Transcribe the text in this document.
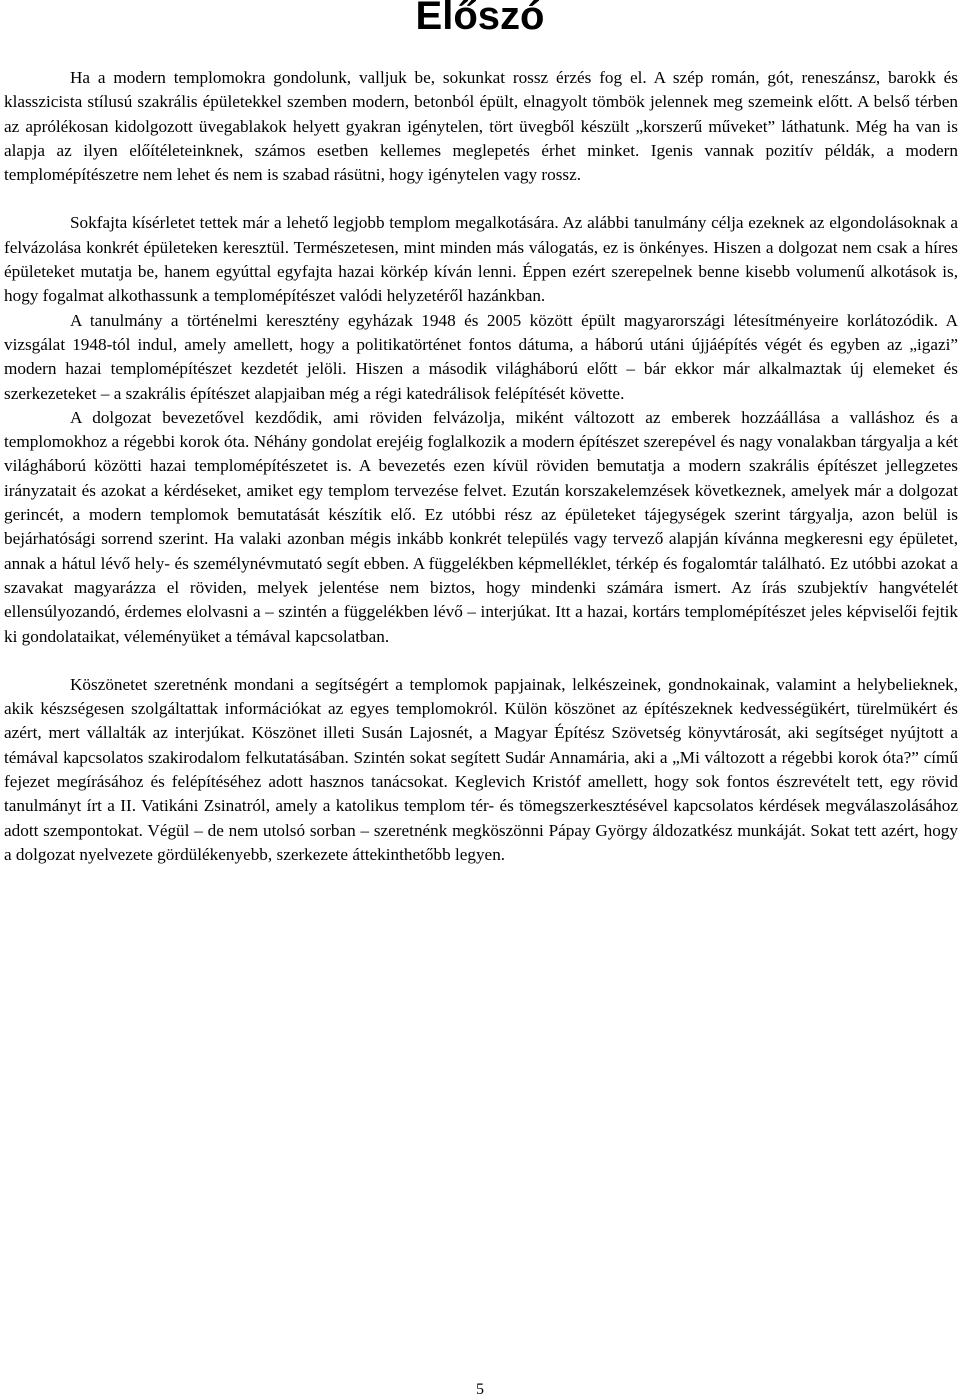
Előszó

Ha a modern templomokra gondolunk, valljuk be, sokunkat rossz érzés fog el. A szép román, gót, reneszánsz, barokk és klasszicista stílusú szakrális épületekkel szemben modern, betonból épült, elnagyolt tömbök jelennek meg szemeink előtt. A belső térben az aprólékosan kidolgozott üvegablakok helyett gyakran igénytelen, tört üvegből készült „korszerű műveket” láthatunk. Még ha van is alapja az ilyen előítéleteinknek, számos esetben kellemes meglepetés érhet minket. Igenis vannak pozitív példák, a modern templomépítészetre nem lehet és nem is szabad rásütni, hogy igénytelen vagy rossz.

Sokfajta kísérletet tettek már a lehető legjobb templom megalkotására. Az alábbi tanulmány célja ezeknek az elgondolásoknak a felvázolása konkrét épületeken keresztül. Természetesen, mint minden más válogatás, ez is önkényes. Hiszen a dolgozat nem csak a híres épületeket mutatja be, hanem egyúttal egyfajta hazai körkép kíván lenni. Éppen ezért szerepelnek benne kisebb volumenű alkotások is, hogy fogalmat alkothassunk a templomépítészet valódi helyzetéről hazánkban.

A tanulmány a történelmi keresztény egyházak 1948 és 2005 között épült magyarországi létesítményeire korlátozódik. A vizsgálat 1948-tól indul, amely amellett, hogy a politikatörténet fontos dátuma, a háború utáni újjáépítés végét és egyben az „igazi” modern hazai templomépítészet kezdetét jelöli. Hiszen a második világháború előtt – bár ekkor már alkalmaztak új elemeket és szerkezeteket – a szakrális építészet alapjaiban még a régi katedrálisok felépítését követte.

A dolgozat bevezetővel kezdődik, ami röviden felvázolja, miként változott az emberek hozzáállása a valláshoz és a templomokhoz a régebbi korok óta. Néhány gondolat erejéig foglalkozik a modern építészet szerepével és nagy vonalakban tárgyalja a két világháború közötti hazai templomépítészetet is. A bevezetés ezen kívül röviden bemutatja a modern szakrális építészet jellegzetes irányzatait és azokat a kérdéseket, amiket egy templom tervezése felvet. Ezután korszakelemzések következnek, amelyek már a dolgozat gerincét, a modern templomok bemutatását készítik elő. Ez utóbbi rész az épületeket tájegységek szerint tárgyalja, azon belül is bejárhatósági sorrend szerint. Ha valaki azonban mégis inkább konkrét település vagy tervező alapján kívánna megkeresni egy épületet, annak a hátul lévő hely- és személynévmutató segít ebben. A függelékben képmelléklet, térkép és fogalomtár található. Ez utóbbi azokat a szavakat magyarázza el röviden, melyek jelentése nem biztos, hogy mindenki számára ismert. Az írás szubjektív hangvételét ellensúlyozandó, érdemes elolvasni a – szintén a függelékben lévő – interjúkat. Itt a hazai, kortárs templomépítészet jeles képviselői fejtik ki gondolataikat, véleményüket a témával kapcsolatban.

Köszönetet szeretnénk mondani a segítségért a templomok papjainak, lelkészeinek, gondnokainak, valamint a helybelieknek, akik készségesen szolgáltattak információkat az egyes templomokról. Külön köszönet az építészeknek kedvességükért, türelmükért és azért, mert vállalták az interjúkat. Köszönet illeti Susán Lajosnét, a Magyar Építész Szövetség könyvtárosát, aki segítséget nyújtott a témával kapcsolatos szakirodalom felkutatásában. Szintén sokat segített Sudár Annamária, aki a „Mi változott a régebbi korok óta?” című fejezet megírásához és felépítéséhez adott hasznos tanácsokat. Keglevich Kristóf amellett, hogy sok fontos észrevételt tett, egy rövid tanulmányt írt a II. Vatikáni Zsinatról, amely a katolikus templom tér- és tömegszerkesztésével kapcsolatos kérdések megválaszolásához adott szempontokat. Végül – de nem utolsó sorban – szeretnénk megköszönni Pápay György áldozatkész munkáját. Sokat tett azért, hogy a dolgozat nyelvezete gördülékenyebb, szerkezete áttekinthetőbb legyen.

5
